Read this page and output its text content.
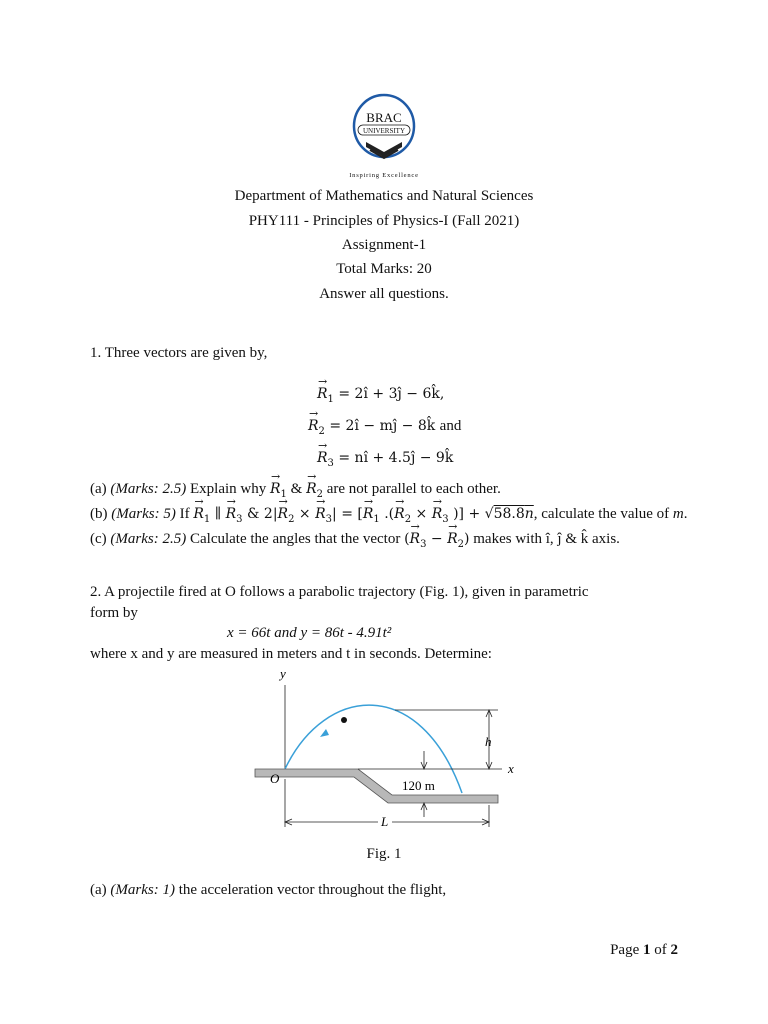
BRAC
UNIVERSITY
Inspiring Excellence
Department of Mathematics and Natural Sciences
PHY111 - Principles of Physics-I (Fall 2021)
Assignment-1
Total Marks: 20
Answer all questions.
1. Three vectors are given by,
→ $R_1$ = 2î + 3ĵ − 6k̂,
→ $R_2$ = 2î − mĵ − 8k̂ and
→ $R_3$ = nî + 4.5ĵ − 9k̂
(a) (Marks: 2.5) Explain why → $R_1$ & → $R_2$ are not parallel to each other.
(b) (Marks: 5) $If \to R_1$ ∥ → $R_3$ & $2|\to R_2$ × → $R_3|$ = [→ $R_1$ .(→ $R_2$ × → $R_3$ )] + √58.8n, calculate the value of m.
(c) (Marks: 2.5) Calculate the angles that the vector (→ $R_3$ − → $R_2$) makes with î, ĵ & k̂ axis.
2. A projectile fired at O follows a parabolic trajectory (Fig. 1), given in parametric
form by
x = 66t and y = 86t - 4.91t²
where x and y are measured in meters and t in seconds. Determine:
y
x
O
h
120 m
L
Fig. 1
(a) (Marks: 1) the acceleration vector throughout the flight,
Page 1 of 2
